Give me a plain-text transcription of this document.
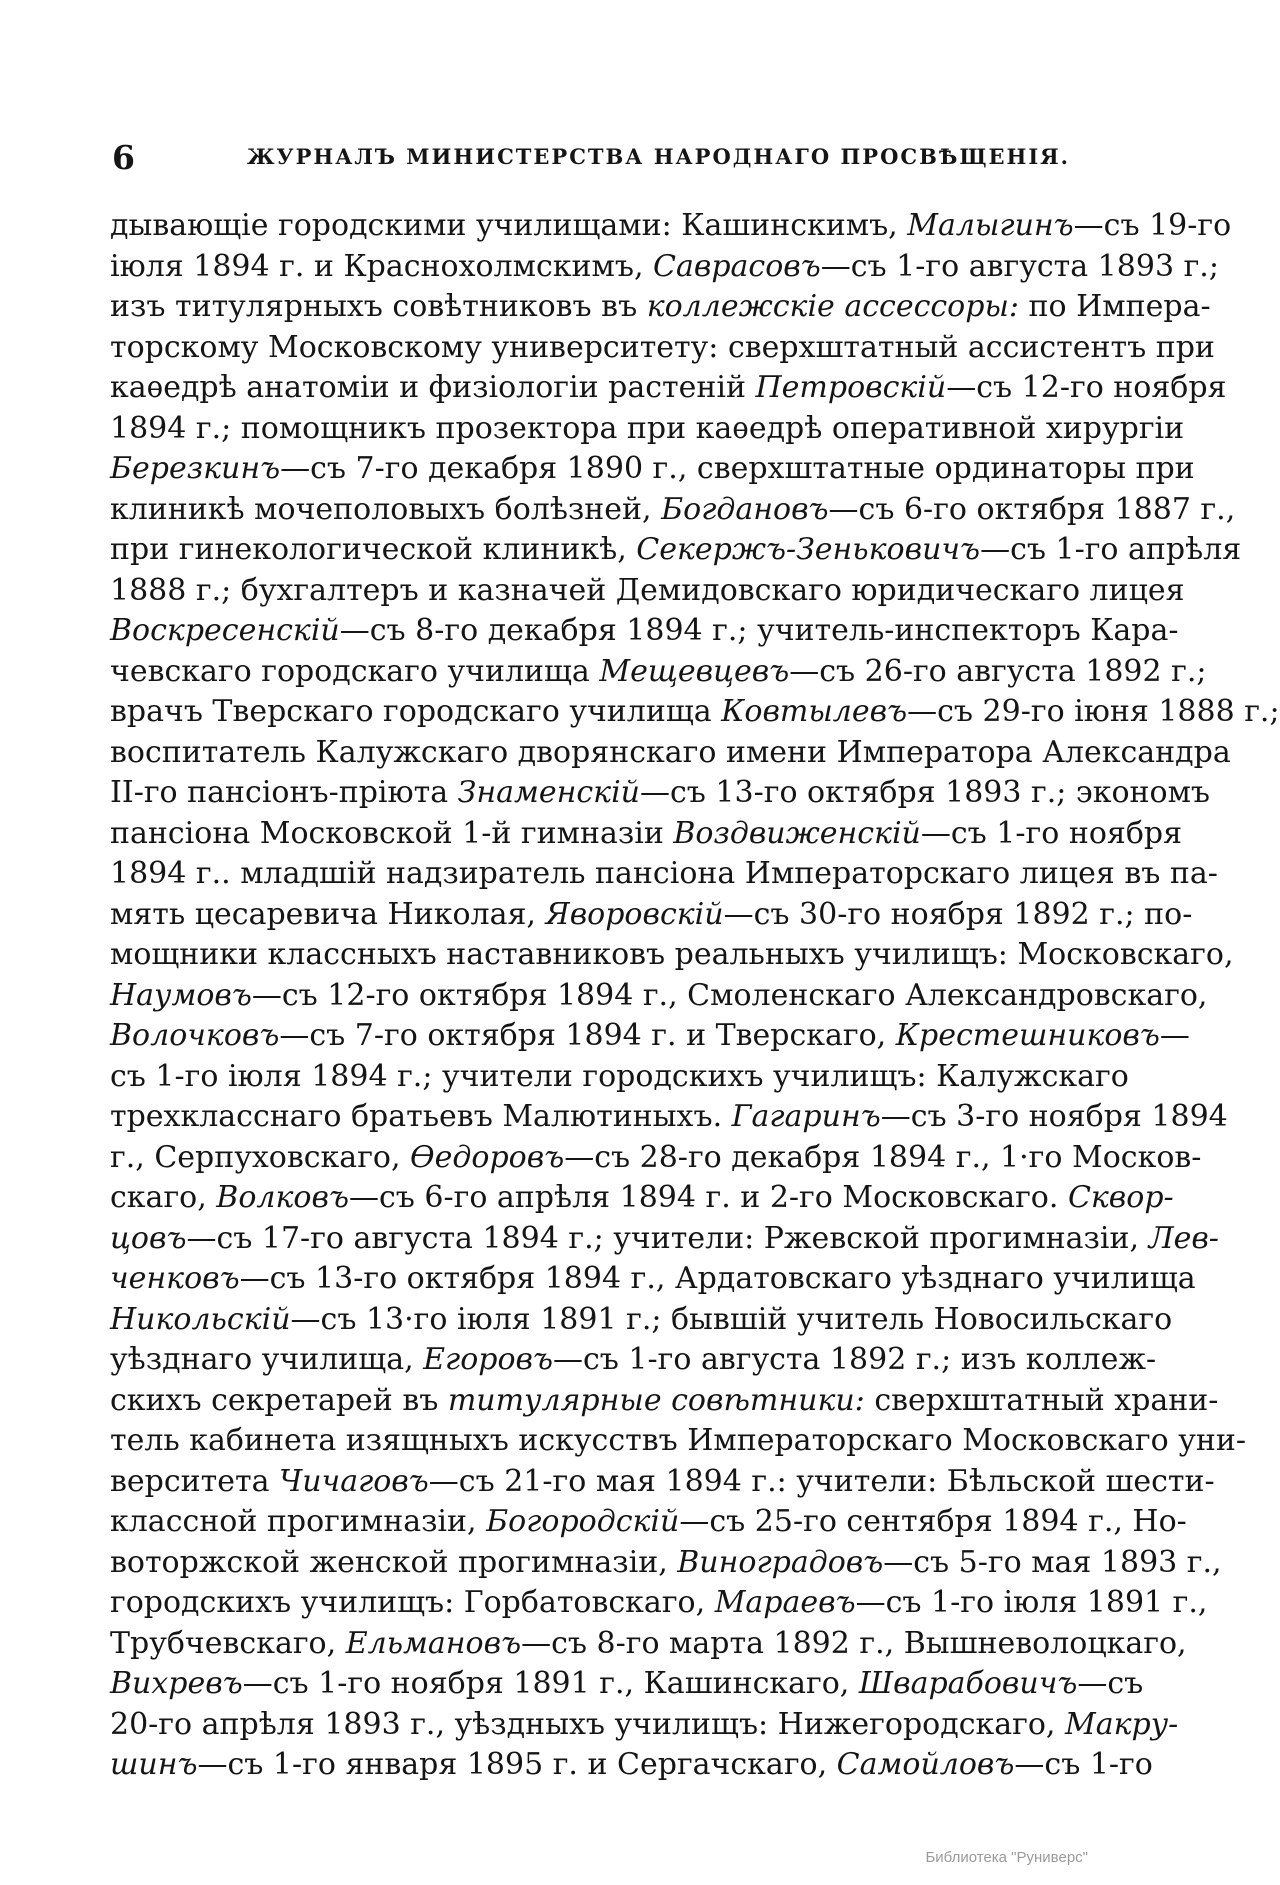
6	ЖУРНАЛЪ МИНИСТЕРСТВА НАРОДНАГО ПРОСВѢЩЕНІЯ.
дывающіе городскими училищами: Кашинскимъ, Малыгинъ—съ 19-го
іюля 1894 г. и Краснохолмскимъ, Саврасовъ—съ 1-го августа 1893 г.;
изъ титулярныхъ совѣтниковъ въ коллежскіе ассессоры: по Импера-
торскому Московскому университету: сверхштатный ассистентъ при
каѳедрѣ анатоміи и физіологіи растеній Петровскій—съ 12-го ноября
1894 г.; помощникъ прозектора при каѳедрѣ оперативной хирургіи
Березкинъ—съ 7-го декабря 1890 г., сверхштатные ординаторы при
клиникѣ мочеполовыхъ болѣзней, Богдановъ—съ 6-го октября 1887 г.,
при гинекологической клиникѣ, Секержъ-Зеньковичъ—съ 1-го апрѣля
1888 г.; бухгалтеръ и казначей Демидовскаго юридическаго лицея
Воскресенскій—съ 8-го декабря 1894 г.; учитель-инспекторъ Кара-
чевскаго городскаго училища Мещевцевъ—съ 26-го августа 1892 г.;
врачъ Тверскаго городскаго училища Ковтылевъ—съ 29-го іюня 1888 г.;
воспитатель Калужскаго дворянскаго имени Императора Александра
II-го пансіонъ-пріюта Знаменскій—съ 13-го октября 1893 г.; экономъ
пансіона Московской 1-й гимназіи Воздвиженскій—съ 1-го ноября
1894 г.. младшій надзиратель пансіона Императорскаго лицея въ па-
мять цесаревича Николая, Яворовскій—съ 30-го ноября 1892 г.; по-
мощники классныхъ наставниковъ реальныхъ училищъ: Московскаго,
Наумовъ—съ 12-го октября 1894 г., Смоленскаго Александровскаго,
Волочковъ—съ 7-го октября 1894 г. и Тверскаго, Крестешниковъ—
съ 1-го іюля 1894 г.; учители городскихъ училищъ: Калужскаго
трехкласснаго братьевъ Малютиныхъ. Гагаринъ—съ 3-го ноября 1894
г., Серпуховскаго, Ѳедоровъ—съ 28-го декабря 1894 г., 1·го Москов-
скаго, Волковъ—съ 6-го апрѣля 1894 г. и 2-го Московскаго. Сквор-
цовъ—съ 17-го августа 1894 г.; учители: Ржевской прогимназіи, Лев-
ченковъ—съ 13-го октября 1894 г., Ардатовскаго уѣзднаго училища
Никольскій—съ 13·го іюля 1891 г.; бывшій учитель Новосильскаго
уѣзднаго училища, Егоровъ—съ 1-го августа 1892 г.; изъ коллеж-
скихъ секретарей въ титулярные совѣтники: сверхштатный храни-
тель кабинета изящныхъ искусствъ Императорскаго Московскаго уни-
верситета Чичаговъ—съ 21-го мая 1894 г.: учители: Бѣльской шести-
классной прогимназіи, Богородскій—съ 25-го сентября 1894 г., Но-
воторжской женской прогимназіи, Виноградовъ—съ 5-го мая 1893 г.,
городскихъ училищъ: Горбатовскаго, Мараевъ—съ 1-го іюля 1891 г.,
Трубчевскаго, Ельмановъ—съ 8-го марта 1892 г., Вышневолоцкаго,
Вихревъ—съ 1-го ноября 1891 г., Кашинскаго, Шварабовичъ—съ
20-го апрѣля 1893 г., уѣздныхъ училищъ: Нижегородскаго, Макру-
шинъ—съ 1-го января 1895 г. и Сергачскаго, Самойловъ—съ 1-го
Библиотека "Руниверс"
